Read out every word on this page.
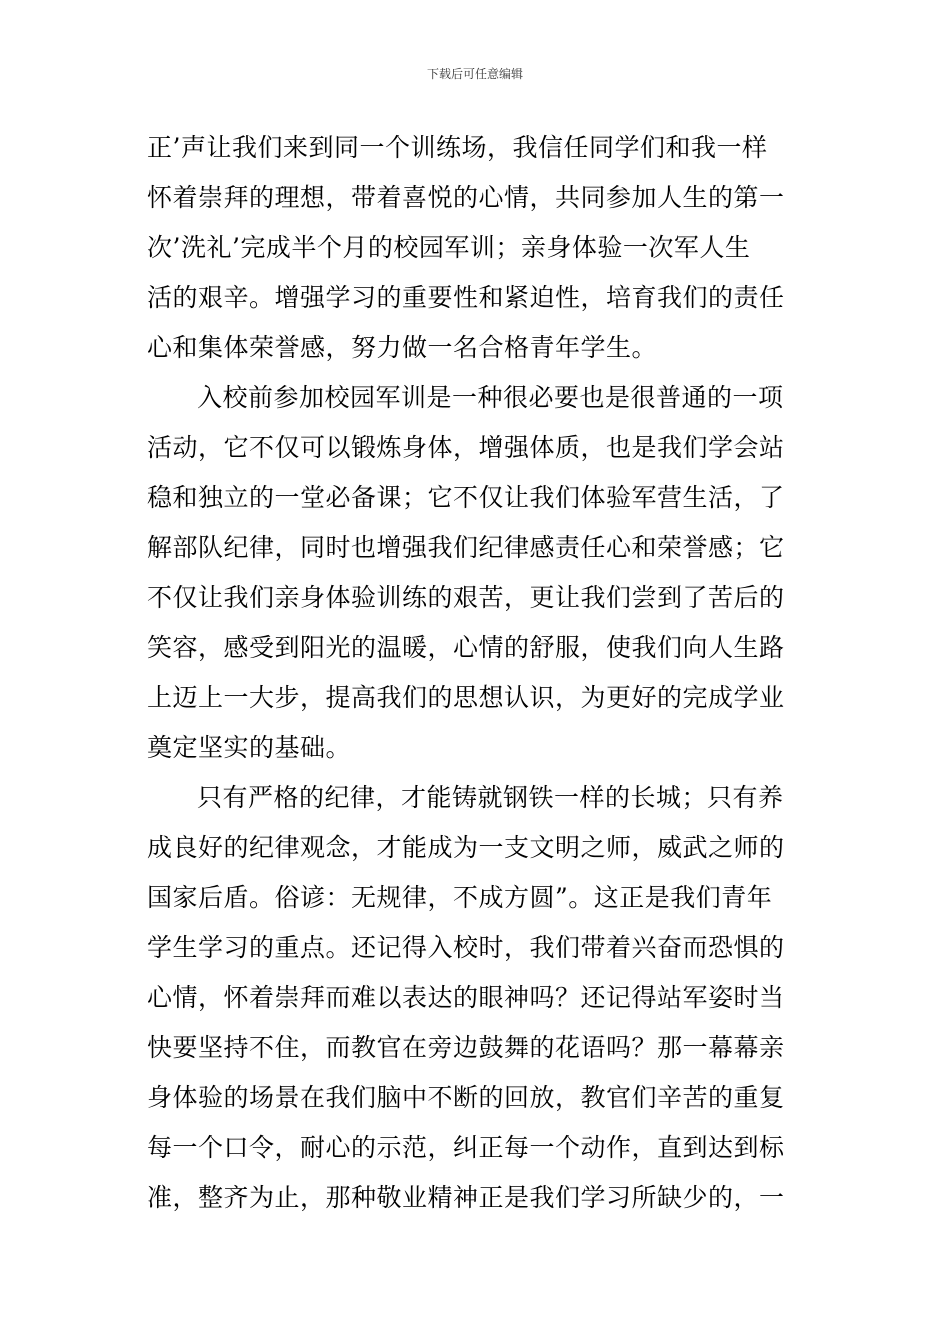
下载后可任意编辑
正’声让我们来到同一个训练场，我信任同学们和我一样
怀着崇拜的理想，带着喜悦的心情，共同参加人生的第一
次’洗礼’完成半个月的校园军训；亲身体验一次军人生
活的艰辛。增强学习的重要性和紧迫性，培育我们的责任
心和集体荣誉感，努力做一名合格青年学生。
入校前参加校园军训是一种很必要也是很普通的一项
活动，它不仅可以锻炼身体，增强体质，也是我们学会站
稳和独立的一堂必备课；它不仅让我们体验军营生活，了
解部队纪律，同时也增强我们纪律感责任心和荣誉感；它
不仅让我们亲身体验训练的艰苦，更让我们尝到了苦后的
笑容，感受到阳光的温暖，心情的舒服，使我们向人生路
上迈上一大步，提高我们的思想认识，为更好的完成学业
奠定坚实的基础。
只有严格的纪律，才能铸就钢铁一样的长城；只有养
成良好的纪律观念，才能成为一支文明之师，威武之师的
国家后盾。俗谚：无规律，不成方圆”。这正是我们青年
学生学习的重点。还记得入校时，我们带着兴奋而恐惧的
心情，怀着崇拜而难以表达的眼神吗？还记得站军姿时当
快要坚持不住，而教官在旁边鼓舞的花语吗？那一幕幕亲
身体验的场景在我们脑中不断的回放，教官们辛苦的重复
每一个口令，耐心的示范，纠正每一个动作，直到达到标
准，整齐为止，那种敬业精神正是我们学习所缺少的，一
